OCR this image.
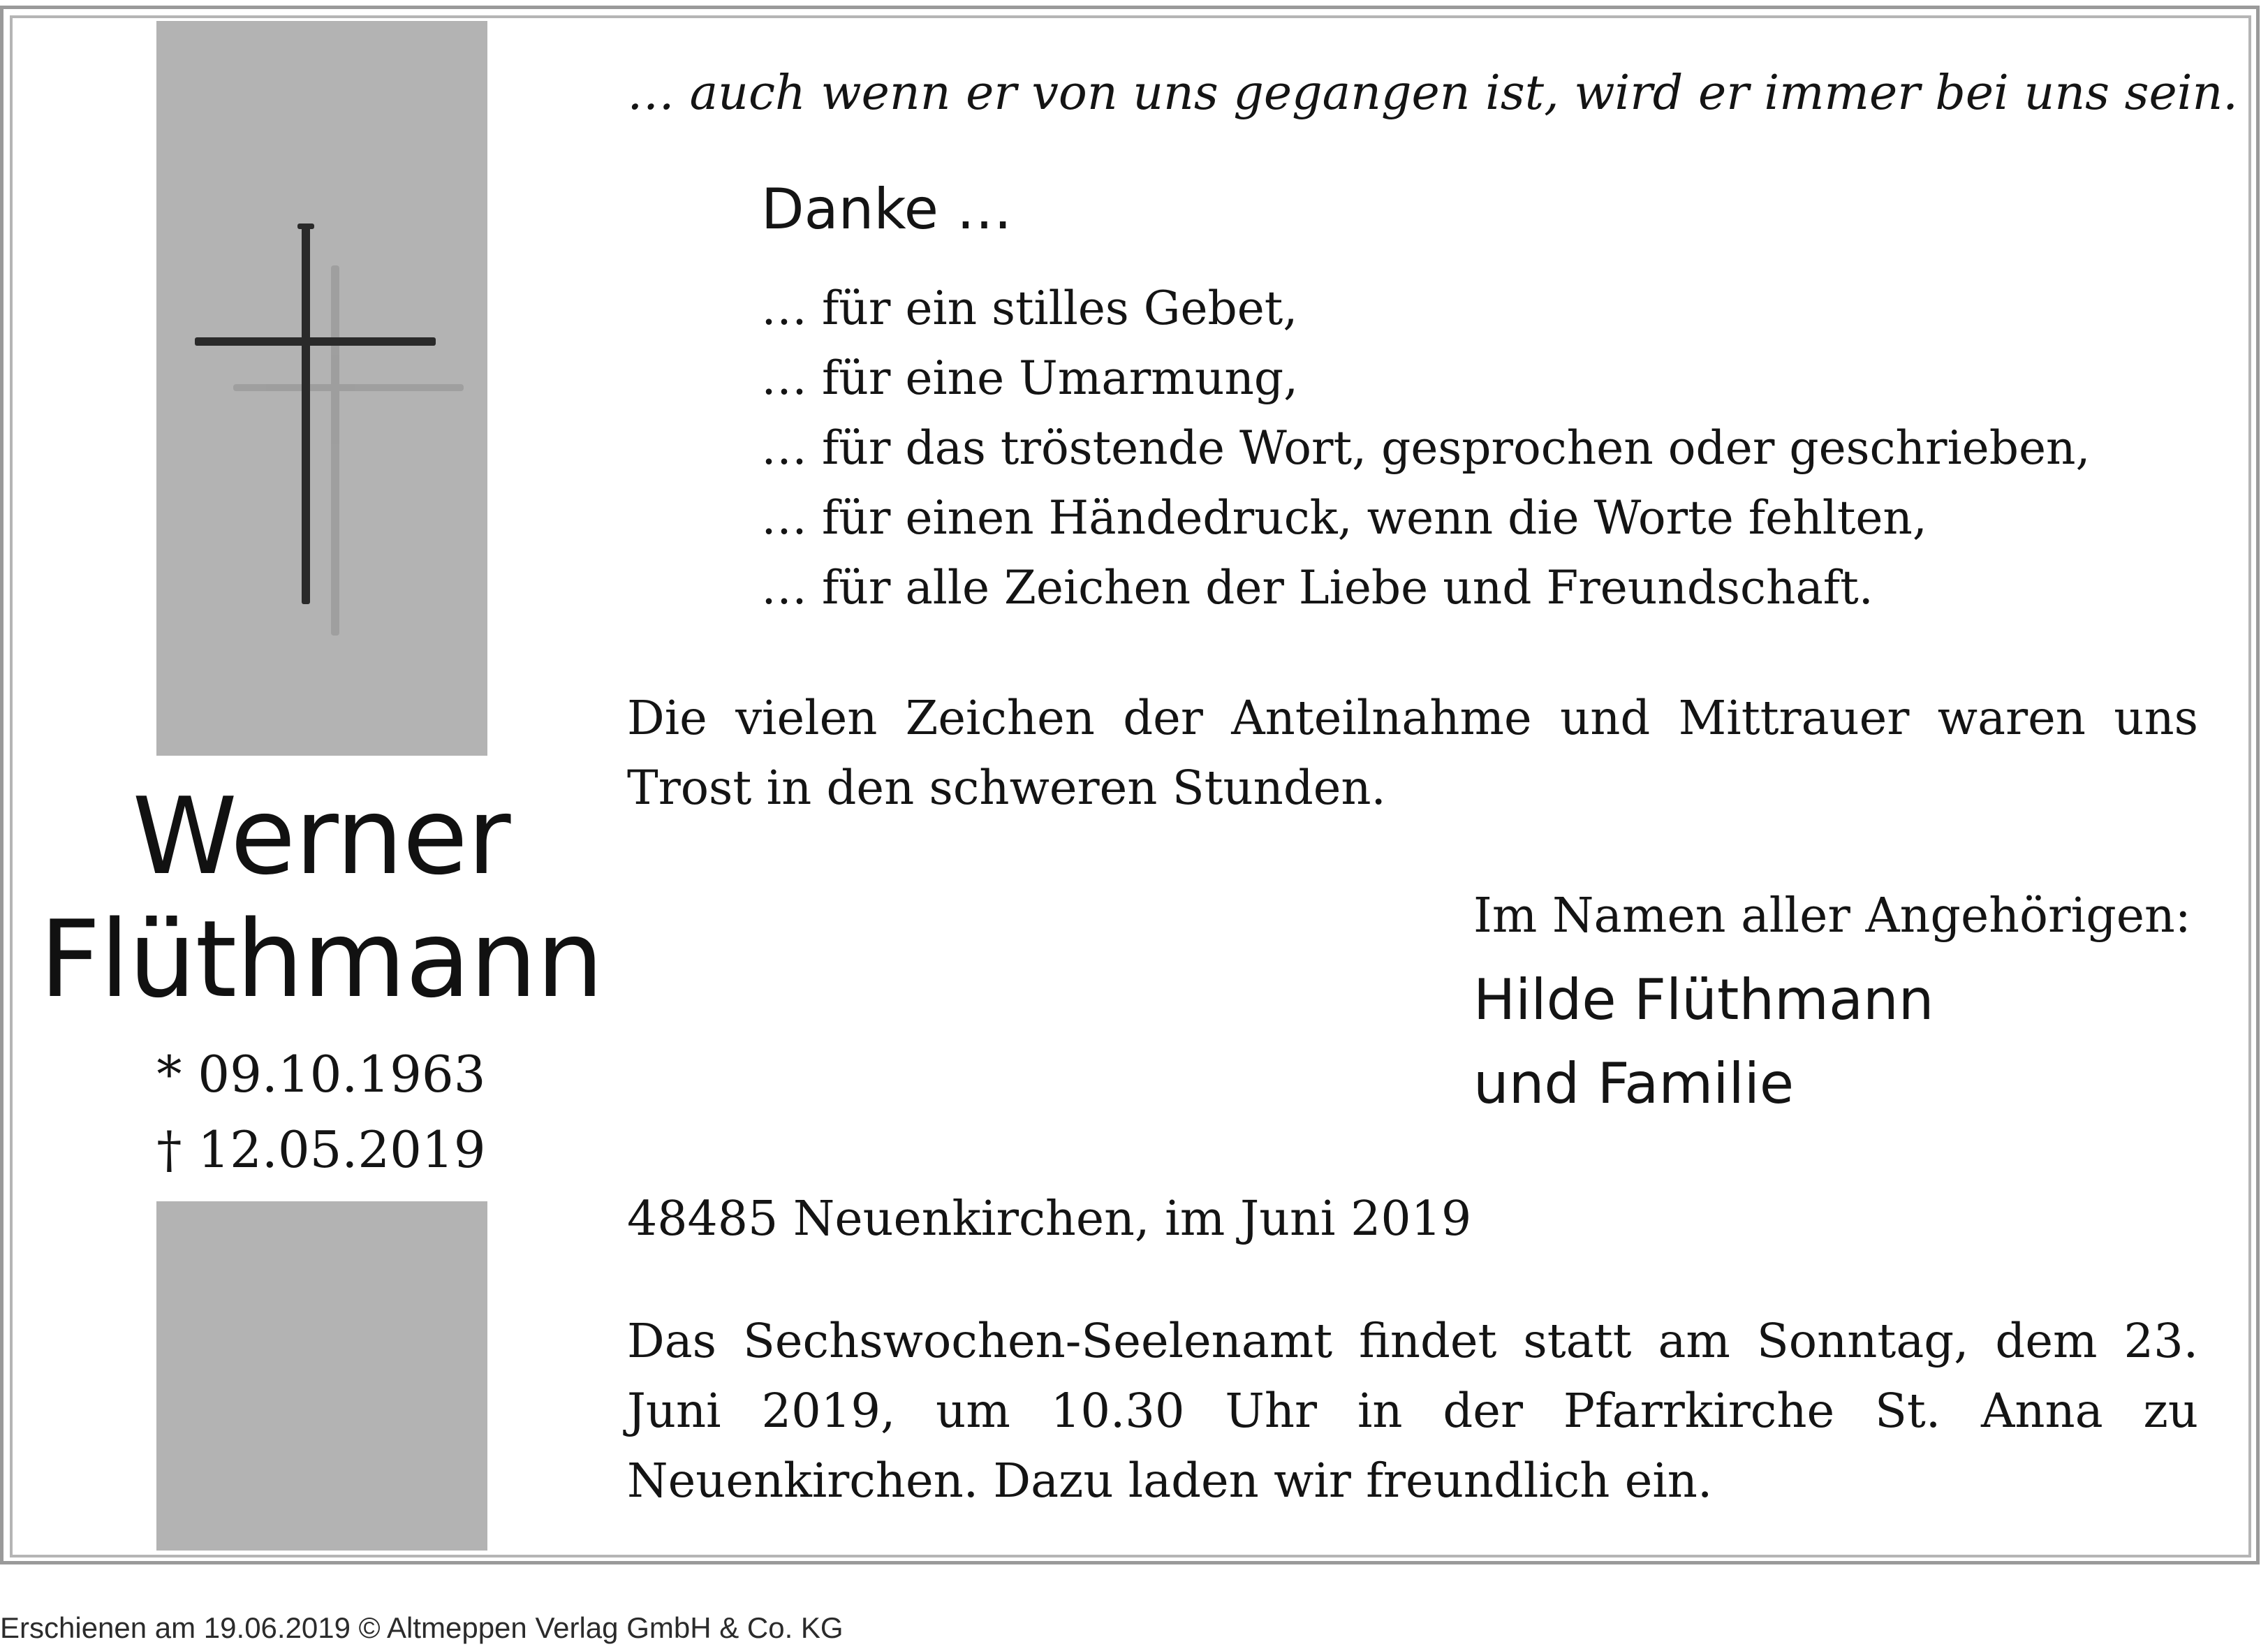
Werner
Flüthmann
* 09.10.1963
† 12.05.2019
… auch wenn er von uns gegangen ist, wird er immer bei uns sein.
Danke …
… für ein stilles Gebet,
… für eine Umarmung,
… für das tröstende Wort, gesprochen oder geschrieben,
… für einen Händedruck, wenn die Worte fehlten,
… für alle Zeichen der Liebe und Freundschaft.
Die vielen Zeichen der Anteilnahme und Mittrauer waren uns Trost in den schweren Stunden.
Im Namen aller Angehörigen:
Hilde Flüthmann
und Familie
48485 Neuenkirchen, im Juni 2019
Das Sechswochen-Seelenamt findet statt am Sonntag, dem 23. Juni 2019, um 10.30 Uhr in der Pfarrkirche St. Anna zu Neuenkirchen. Dazu laden wir freundlich ein.
Erschienen am 19.06.2019 © Altmeppen Verlag GmbH & Co. KG
